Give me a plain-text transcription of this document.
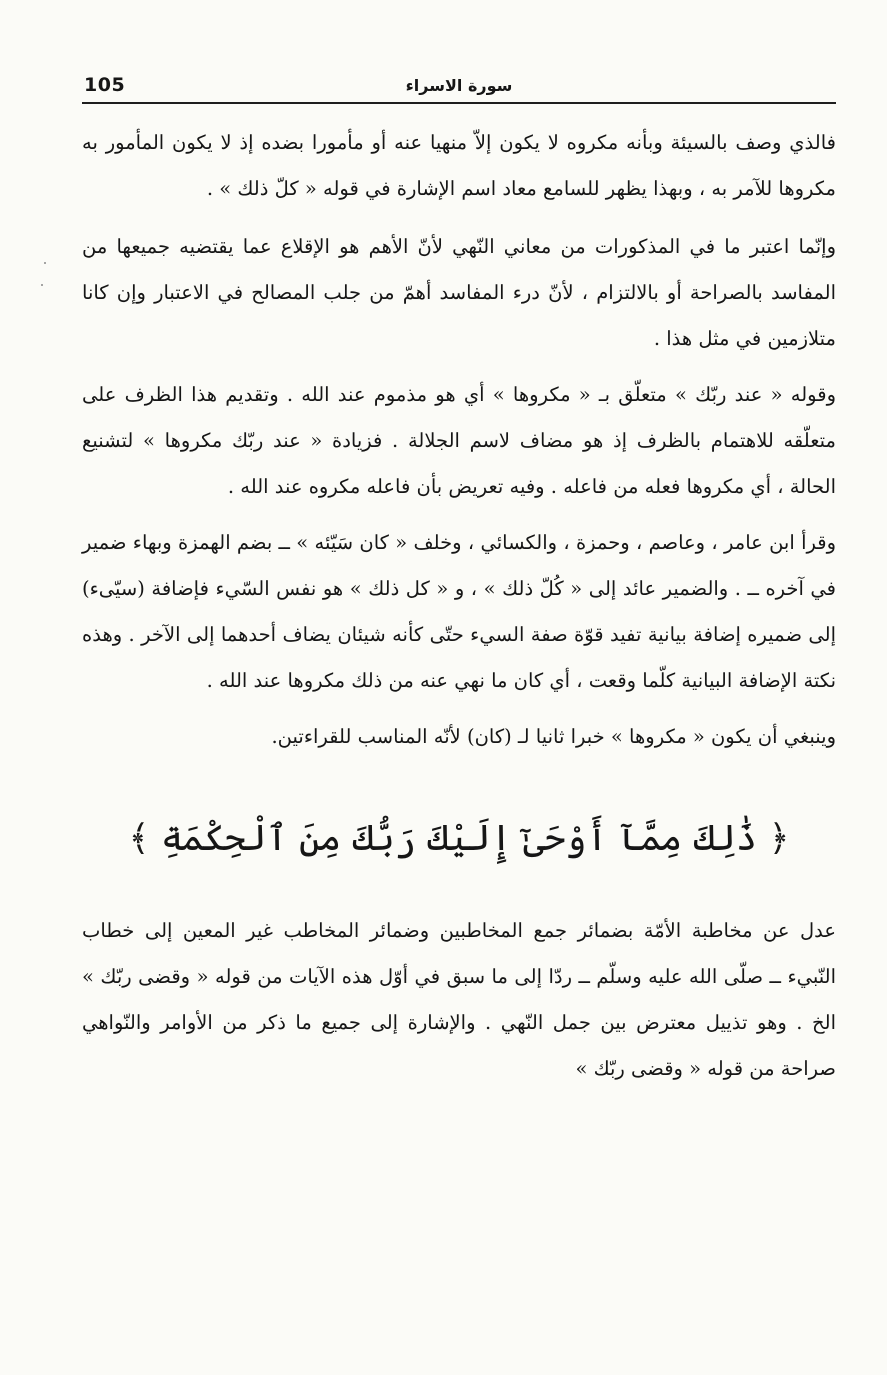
105	سورة الاسراء

فالذي وصف بالسيئة وبأنه مكروه لا يكون إلاّ منهيا عنه أو مأمورا بضده إذ لا يكون المأمور به مكروها للآمر به ، وبهذا يظهر للسامع معاد اسم الإشارة في قوله « كلّ ذلك » .

وإنّما اعتبر ما في المذكورات من معاني النّهي لأنّ الأهم هو الإقلاع عما يقتضيه جميعها من المفاسد بالصراحة أو بالالتزام ، لأنّ درء المفاسد أهمّ من جلب المصالح في الاعتبار وإن كانا متلازمين في مثل هذا .

وقوله « عند ربّك » متعلّق بـ « مكروها » أي هو مذموم عند الله . وتقديم هذا الظرف على متعلّقه للاهتمام بالظرف إذ هو مضاف لاسم الجلالة . فزيادة « عند ربّك مكروها » لتشنيع الحالة ، أي مكروها فعله من فاعله . وفيه تعريض بأن فاعله مكروه عند الله .

وقرأ ابن عامر ، وعاصم ، وحمزة ، والكسائي ، وخلف « كان سَيّئه » ــ بضم الهمزة وبهاء ضمير في آخره ــ . والضمير عائد إلى « كُلّ ذلك » ، و « كل ذلك » هو نفس السّيء فإضافة (سيّىء) إلى ضميره إضافة بيانية تفيد قوّة صفة السيء حتّى كأنه شيئان يضاف أحدهما إلى الآخر . وهذه نكتة الإضافة البيانية كلّما وقعت ، أي كان ما نهي عنه من ذلك مكروها عند الله .

وينبغي أن يكون « مكروها » خبرا ثانيا لـ (كان) لأنّه المناسب للقراءتين.

﴿ ذَٰلِكَ مِمَّآ أَوْحَىٰٓ إِلَيْكَ رَبُّكَ مِنَ ٱلْحِكْمَةِ ﴾

عدل عن مخاطبة الأمّة بضمائر جمع المخاطبين وضمائر المخاطب غير المعين إلى خطاب النّبيء ــ صلّى الله عليه وسلّم ــ ردّا إلى ما سبق في أوّل هذه الآيات من قوله « وقضى ربّك » الخ . وهو تذييل معترض بين جمل النّهي . والإشارة إلى جميع ما ذكر من الأوامر والنّواهي صراحة من قوله « وقضى ربّك »
